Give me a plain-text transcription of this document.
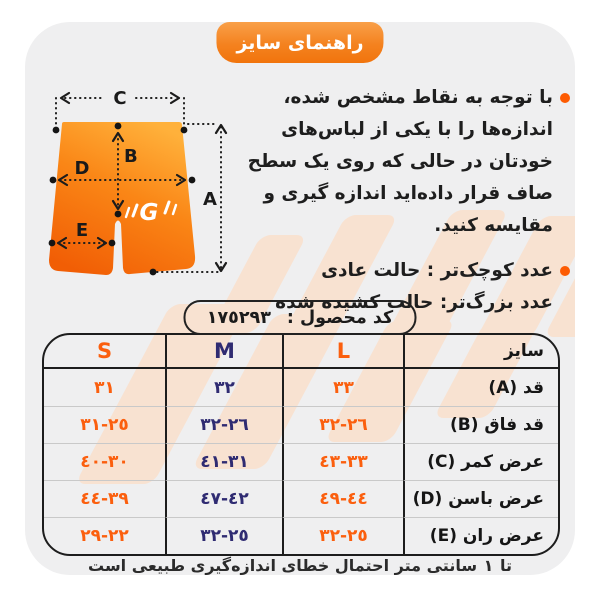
راهنمای سایز
با توجه به نقاط مشخص شده، اندازه‌ها را با یکی از لباس‌های خودتان در حالی که روی یک سطح صاف قرار داده‌اید اندازه گیری و مقایسه کنید.
عدد کوچک‌تر : حالت عادی
عدد بزرگ‌تر: حالت کشیده شده
G
C
B
D
E
A
کد محصول :
١٧٥٢٩٣
S	M	L	سایز
٣١	٣٢	٣٣	قد (A)
٢٥-٣١	٢٦-٣٢	٢٦-٣٢	قد فاق (B)
٣٠-٤٠	٣١-٤١	٣٣-٤٣	عرض کمر (C)
٣٩-٤٤	٤٢-٤٧	٤٤-٤٩	عرض باسن (D)
٢٢-٢٩	٢٥-٣٢	٢٥-٣٢	عرض ران (E)
تا ١ سانتی متر احتمال خطای اندازه‌گیری طبیعی است
